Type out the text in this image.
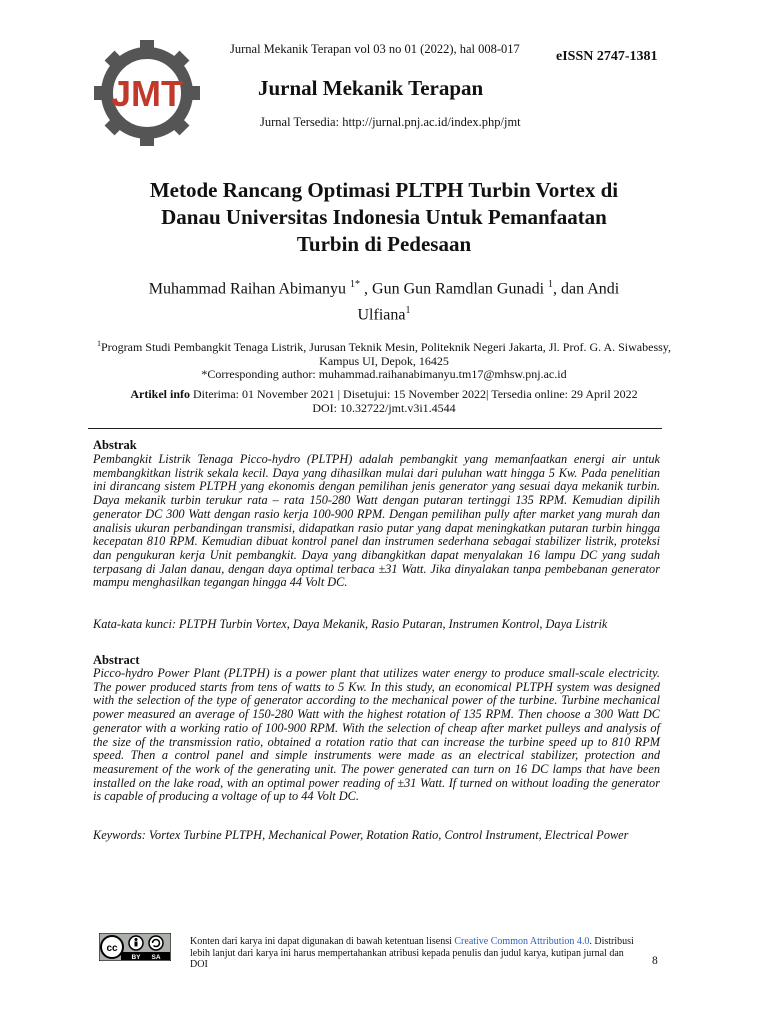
JMT
Jurnal Mekanik Terapan vol 03 no 01 (2022), hal 008-017	eISSN 2747-1381
Jurnal Mekanik Terapan
Jurnal Tersedia: http://jurnal.pnj.ac.id/index.php/jmt
Metode Rancang Optimasi PLTPH Turbin Vortex di
Danau Universitas Indonesia Untuk Pemanfaatan
Turbin di Pedesaan
Muhammad Raihan Abimanyu $^{1*}$ , Gun Gun Ramdlan Gunadi $^1$, dan Andi
Ulfiana$^1$
$^1$Program Studi Pembangkit Tenaga Listrik, Jurusan Teknik Mesin, Politeknik Negeri Jakarta, Jl. Prof. G. A. Siwabessy,
Kampus UI, Depok, 16425
*Corresponding author: muhammad.raihanabimanyu.tm17@mhsw.pnj.ac.id
Artikel info Diterima: 01 November 2021 | Disetujui: 15 November 2022| Tersedia online: 29 April 2022
DOI: 10.32722/jmt.v3i1.4544
Abstrak
Pembangkit Listrik Tenaga Picco-hydro (PLTPH) adalah pembangkit yang memanfaatkan energi air untuk membangkitkan listrik sekala kecil. Daya yang dihasilkan mulai dari puluhan watt hingga 5 Kw. Pada penelitian ini dirancang sistem PLTPH yang ekonomis dengan pemilihan jenis generator yang sesuai daya mekanik turbin. Daya mekanik turbin terukur rata – rata 150-280 Watt dengan putaran tertinggi 135 RPM. Kemudian dipilih generator DC 300 Watt dengan rasio kerja 100-900 RPM. Dengan pemilihan pully after market yang murah dan analisis ukuran perbandingan transmisi, didapatkan rasio putar yang dapat meningkatkan putaran turbin hingga kecepatan 810 RPM. Kemudian dibuat kontrol panel dan instrumen sederhana sebagai stabilizer listrik, proteksi dan pengukuran kerja Unit pembangkit. Daya yang dibangkitkan dapat menyalakan 16 lampu DC yang sudah terpasang di Jalan danau, dengan daya optimal terbaca ±31 Watt. Jika dinyalakan tanpa pembebanan generator mampu menghasilkan tegangan hingga 44 Volt DC.
Kata-kata kunci: PLTPH Turbin Vortex, Daya Mekanik, Rasio Putaran, Instrumen Kontrol, Daya Listrik
Abstract
Picco-hydro Power Plant (PLTPH) is a power plant that utilizes water energy to produce small-scale electricity. The power produced starts from tens of watts to 5 Kw. In this study, an economical PLTPH system was designed with the selection of the type of generator according to the mechanical power of the turbine. Turbine mechanical power measured an average of 150-280 Watt with the highest rotation of 135 RPM. Then choose a 300 Watt DC generator with a working ratio of 100-900 RPM. With the selection of cheap after market pulleys and analysis of the size of the transmission ratio, obtained a rotation ratio that can increase the turbine speed up to 810 RPM speed. Then a control panel and simple instruments were made as an electrical stabilizer, protection and measurement of the work of the generating unit. The power generated can turn on 16 DC lamps that have been installed on the lake road, with an optimal power reading of ±31 Watt. If turned on without loading the generator is capable of producing a voltage of up to 44 Volt DC.
Keywords: Vortex Turbine PLTPH, Mechanical Power, Rotation Ratio, Control Instrument, Electrical Power
cc
BY SA
Konten dari karya ini dapat digunakan di bawah ketentuan lisensi Creative Common Attribution 4.0. Distribusi lebih lanjut dari karya ini harus mempertahankan atribusi kepada penulis dan judul karya, kutipan jurnal dan DOI	8
